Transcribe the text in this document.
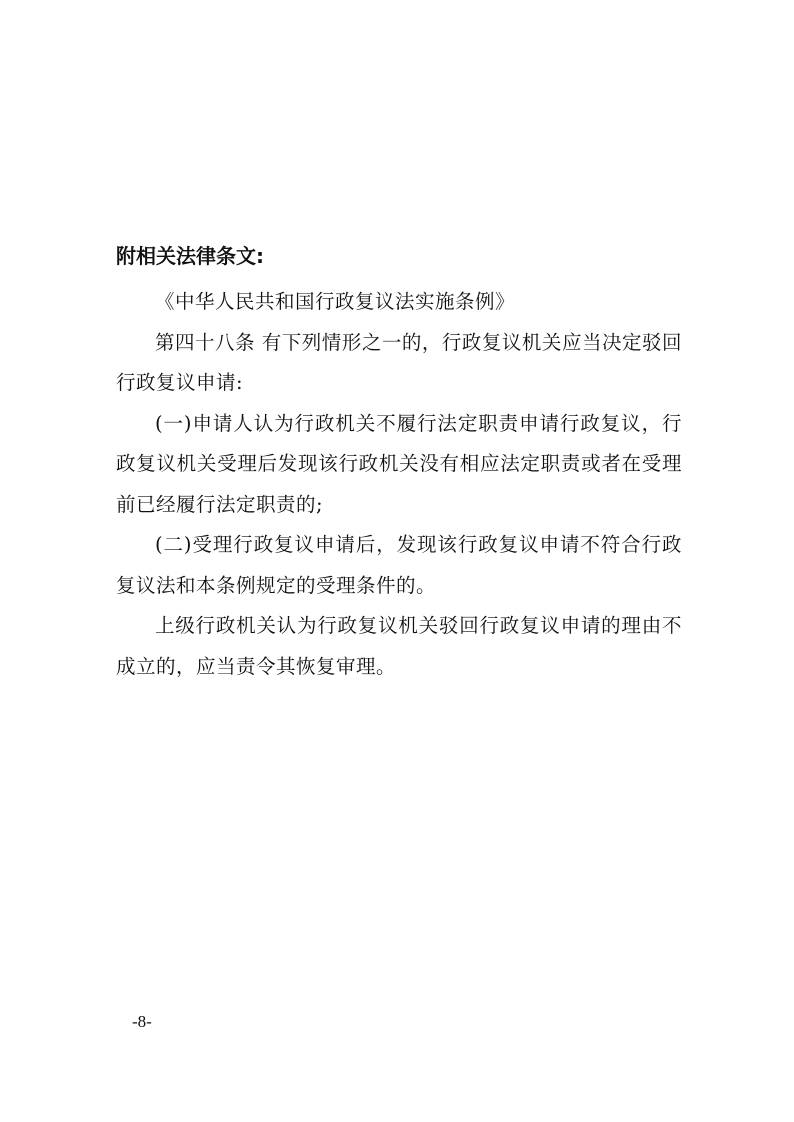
附相关法律条文:

《中华人民共和国行政复议法实施条例》

第四十八条 有下列情形之一的，行政复议机关应当决定驳回行政复议申请:

(一)申请人认为行政机关不履行法定职责申请行政复议，行政复议机关受理后发现该行政机关没有相应法定职责或者在受理前已经履行法定职责的;

(二)受理行政复议申请后，发现该行政复议申请不符合行政复议法和本条例规定的受理条件的。

上级行政机关认为行政复议机关驳回行政复议申请的理由不成立的，应当责令其恢复审理。

-8-
